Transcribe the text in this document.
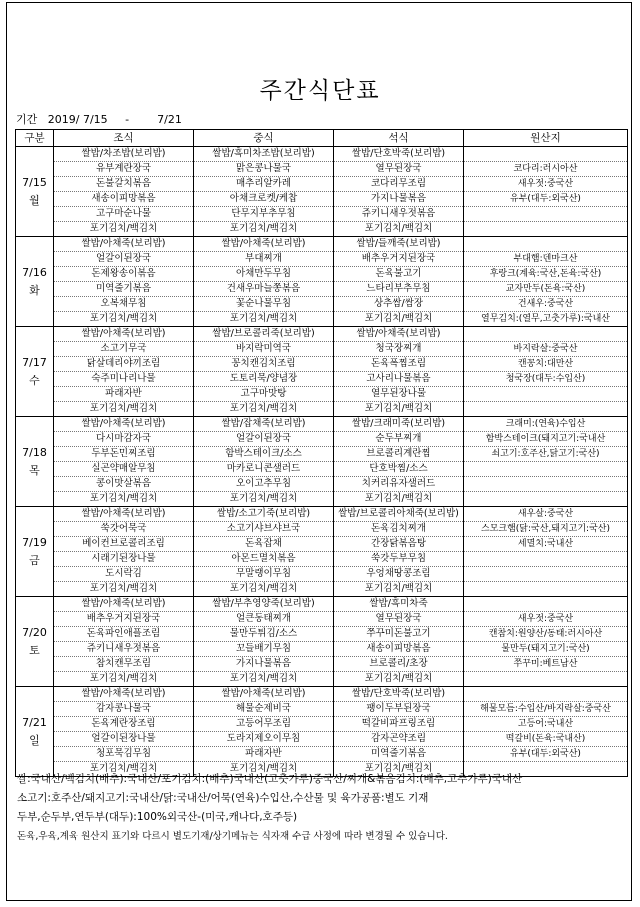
주간식단표
기간 2019/ 7/15 -	7/21
구분	조식	중식	석식	원산지

7/15
월	쌀밥/차조밥(보리밥)	쌀밥/흑미차조밥(보리밥)	쌀밥/단호박죽(보리밥)	
	유부계란장국	맑은콩나물국	열무된장국	코다리:러시아산
	돈불갈치볶음	매추리알카레	코다리무조림	새우젓:중국산
	새송이피망볶음	아채크로켓/케찹	가지나물볶음	유부(대두:외국산)
	고구마순나물	단무지부추무침	쥬키니새우젓볶음	
	포기김치/백김치	포기김치/백김치	포기김치/백김치	

7/16
화	쌀밥/아채죽(보리밥)	쌀밥/아채죽(보리밥)	쌀밥/들깨죽(보리밥)	
	얼갈이된장국	부대찌개	배추우거지된장국	부대햄:덴마크산
	돈제왕송이볶음	아채만두무침	돈육불고기	후랑크(계육:국산,돈육:국산)
	미역줄기볶음	건새우마늘쫑볶음	느타리부추무침	교자만두(돈육:국산)
	오복채무침	꽃순나물무침	상추쌈/쌈장	건새우:중국산
	포기김치/백김치	포기김치/백김치	포기김치/백김치	열무김치:(열무,고춧가루):국내산

7/17
수	쌀밥/아채죽(보리밥)	쌀밥/브로콜리죽(보리밥)	쌀밥/아채죽(보리밥)	
	소고기무국	바지락미역국	청국장찌개	바지락살:중국산
	닭살데리야끼조림	꽁치캔김치조림	돈육폭찜조림	캔꽁치:대만산
	숙주미나리나물	도토리묵/양념장	고사리나물볶음	청국장(대두:수입산)
	파래자반	고구마맛탕	열무된장나물	
	포기김치/백김치	포기김치/백김치	포기김치/백김치	

7/18
목	쌀밥/아채죽(보리밥)	쌀밥/잡채죽(보리밥)	쌀밥/크래미죽(보리밥)	크래미:(연육)수입산
	다시마감자국	얼갈이된장국	순두부찌개	함박스테이크(돼지고기:국내산
	두부돈민찌조림	함박스테이크/소스	브로콜리계란찜	쇠고기:호주산,닭고기:국산)
	실곤약매알무침	마카로니콘샐러드	단호박찜/소스	
	콩이맛살볶음	오이고추무침	치커리유자샐러드	
	포기김치/백김치	포기김치/백김치	포기김치/백김치	

7/19
금	쌀밥/아채죽(보리밥)	쌀밥/소고기죽(보리밥)	쌀밥/브로콜리아채죽(보리밥)	새우살:중국산
	쑥갓어묵국	소고기샤브샤브국	돈육김치찌개	스모크햄(닭:국산,돼지고기:국산)
	베이컨브로콜리조림	돈육잡채	간장닭볶음탕	세멸치:국내산
	시래기된장나물	아몬드멸치볶음	쑥갓두부무침	
	도시락김	무말랭이무침	우엉채땅콩조림	
	포기김치/백김치	포기김치/백김치	포기김치/백김치	

7/20
토	쌀밥/아채죽(보리밥)	쌀밥/부추영양죽(보리밥)	쌀밥/흑미차죽	
	배추우거지된장국	얼큰동태찌개	열무된장국	새우젓:중국산
	돈육파인애플조림	물만두튀김/소스	쭈꾸미돈불고기	캔참치:원양산/동태:러시아산
	쥬키니새우젓볶음	꼬들배기무침	새송이피망볶음	물만두(돼지고기:국산)
	참치캔무조림	가지나물볶음	브로콜리/초장	쭈꾸미:베트남산
	포기김치/백김치	포기김치/백김치	포기김치/백김치	

7/21
일	쌀밥/아채죽(보리밥)	쌀밥/아채죽(보리밥)	쌀밥/단호박죽(보리밥)	
	감자콩나물국	해물순제비국	팽이두부된장국	해물모듬:수입산/바지락살:중국산
	돈육계란장조림	고등어무조림	떡갈비파프링조림	고등어:국내산
	얼갈이된장나물	도라지제오이무침	감자곤약조림	떡갈비(돈육:국내산)
	청포묵김무침	파래자반	미역줄기볶음	유부(대두:외국산)
	포기김치/백김치	포기김치/백김치	포기김치/백김치	
쌀:국내산/백김치(배추):국내산/포기김치:(배추)국내산(고춧가루)중국산/찌개&볶음김치:(배추,고추가루)국내산
소고기:호주산/돼지고기:국내산/닭:국내산/어묵(연육)수입산,수산물 및 육가공품:별도 기재
두부,순두부,연두부(대두):100%외국산-(미국,캐나다,호주등)
돈육,우육,계육 원산지 표기와 다르시 별도기재/상기메뉴는 식자재 수급 사정에 따라 변경될 수 있습니다.
